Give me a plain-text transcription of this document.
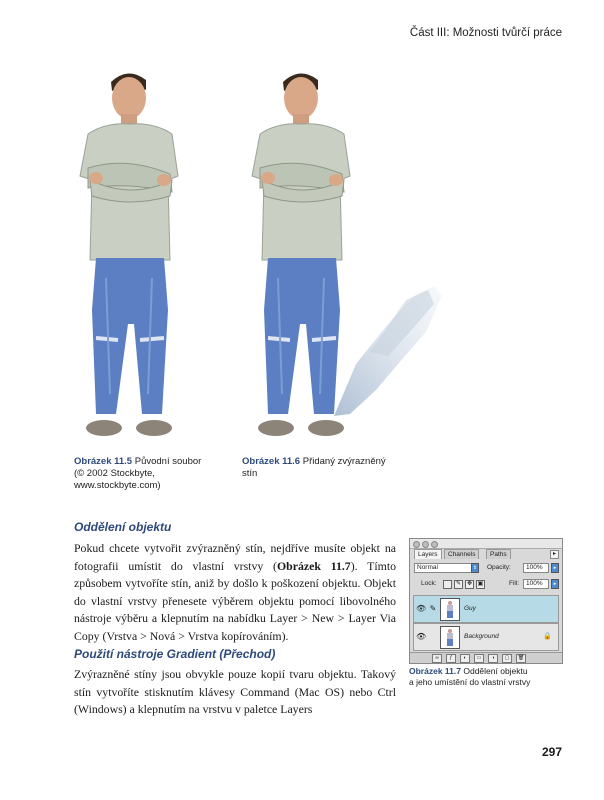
Část III: Možnosti tvůrčí práce
Obrázek 11.5 Původní soubor
(© 2002 Stockbyte,
www.stockbyte.com)
Obrázek 11.6 Přidaný zvýrazněný
stín
Oddělení objektu
Pokud chcete vytvořit zvýrazněný stín, nejdříve musíte objekt na fotografii umístit do vlastní vrstvy (Obrázek 11.7). Tímto způsobem vytvoříte stín, aniž by došlo k poškození objektu. Objekt do vlastní vrstvy přenesete výběrem objektu pomocí libovolného nástroje výběru a klepnutím na nabídku Layer > New > Layer Via Copy (Vrstva > Nová > Vrstva kopírováním).
Použití nástroje Gradient (Přechod)
Zvýrazněné stíny jsou obvykle pouze kopií tvaru objektu. Takový stín vytvoříte stisknutím klávesy Command (Mac OS) nebo Ctrl (Windows) a klepnutím na vrstvu v paletce Layers
Layers	Channels	Paths	▸
Normal	⇕ Opacity:	100%	▸
Lock:	✎ ✥ ▣	Fill:	100%	▸
👁 ✎	Guy
👁	Background	🔒
∞	ƒ	◐	▭	◑	▢	🗑
Obrázek 11.7 Oddělení objektu
a jeho umístění do vlastní vrstvy
297
